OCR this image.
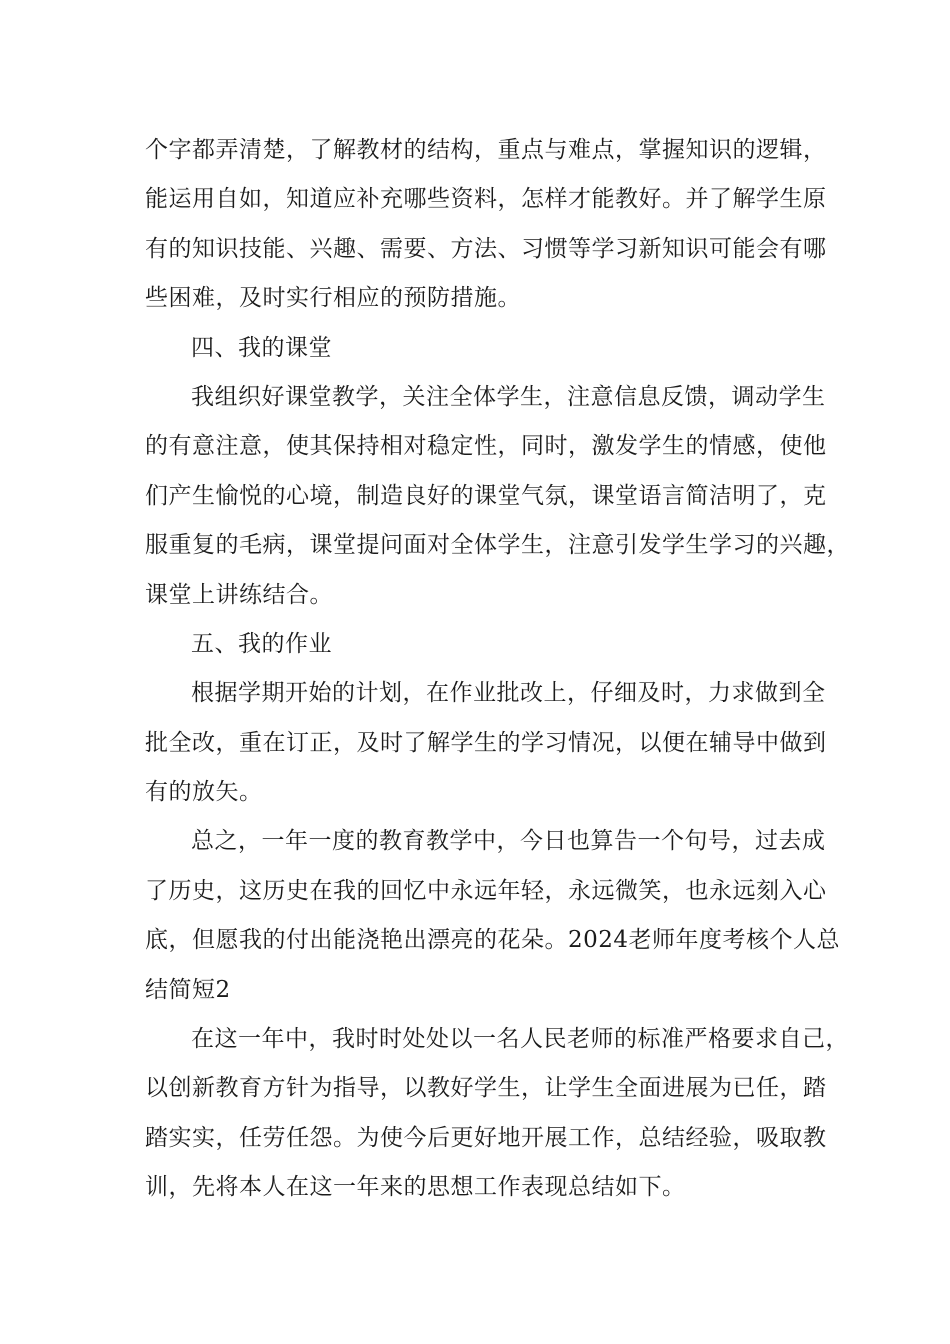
个字都弄清楚，了解教材的结构，重点与难点，掌握知识的逻辑，
能运用自如，知道应补充哪些资料，怎样才能教好。并了解学生原
有的知识技能、兴趣、需要、方法、习惯等学习新知识可能会有哪
些困难，及时实行相应的预防措施。
四、我的课堂
我组织好课堂教学，关注全体学生，注意信息反馈，调动学生
的有意注意，使其保持相对稳定性，同时，激发学生的情感，使他
们产生愉悦的心境，制造良好的课堂气氛，课堂语言简洁明了，克
服重复的毛病，课堂提问面对全体学生，注意引发学生学习的兴趣，
课堂上讲练结合。
五、我的作业
根据学期开始的计划，在作业批改上，仔细及时，力求做到全
批全改，重在订正，及时了解学生的学习情况，以便在辅导中做到
有的放矢。
总之，一年一度的教育教学中，今日也算告一个句号，过去成
了历史，这历史在我的回忆中永远年轻，永远微笑，也永远刻入心
底，但愿我的付出能浇艳出漂亮的花朵。2024老师年度考核个人总
结简短2
在这一年中，我时时处处以一名人民老师的标准严格要求自己，
以创新教育方针为指导，以教好学生，让学生全面进展为已任，踏
踏实实，任劳任怨。为使今后更好地开展工作，总结经验，吸取教
训，先将本人在这一年来的思想工作表现总结如下。
